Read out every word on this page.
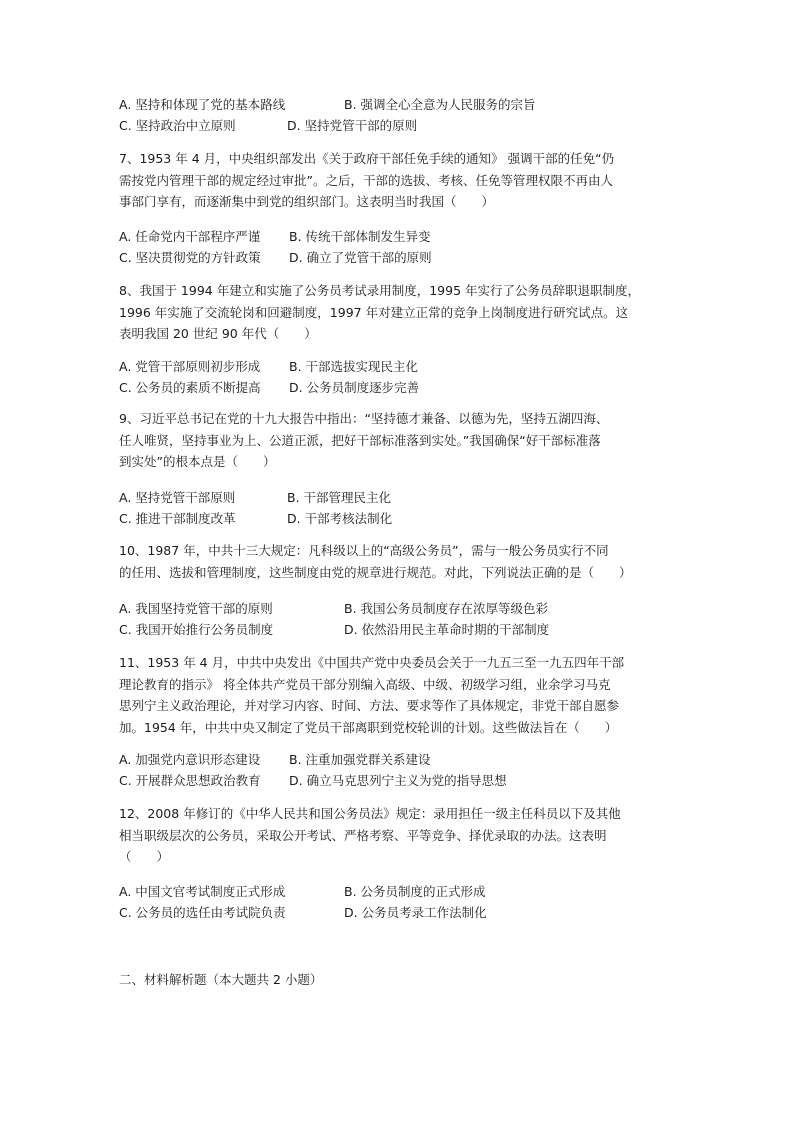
A. 坚持和体现了党的基本路线	B. 强调全心全意为人民服务的宗旨
C. 坚持政治中立原则	D. 坚持党管干部的原则
7、1953 年 4 月，中央组织部发出《关于政府干部任免手续的通知》 强调干部的任免“仍
需按党内管理干部的规定经过审批”。之后，干部的选拔、考核、任免等管理权限不再由人
事部门享有，而逐渐集中到党的组织部门。这表明当时我国（　　）
A. 任命党内干部程序严谨 B. 传统干部体制发生异变
C. 坚决贯彻党的方针政策 D. 确立了党管干部的原则
8、我国于 1994 年建立和实施了公务员考试录用制度，1995 年实行了公务员辞职退职制度，
1996 年实施了交流轮岗和回避制度，1997 年对建立正常的竞争上岗制度进行研究试点。这
表明我国 20 世纪 90 年代（　　）
A. 党管干部原则初步形成 B. 干部选拔实现民主化
C. 公务员的素质不断提高 D. 公务员制度逐步完善
9、习近平总书记在党的十九大报告中指出：“坚持德才兼备、以德为先，坚持五湖四海、
任人唯贤，坚持事业为上、公道正派，把好干部标准落到实处。”我国确保“好干部标准落
到实处”的根本点是（　　）
A. 坚持党管干部原则	B. 干部管理民主化
C. 推进干部制度改革	D. 干部考核法制化
10、1987 年，中共十三大规定：凡科级以上的“高级公务员”，需与一般公务员实行不同
的任用、选拔和管理制度，这些制度由党的规章进行规范。对此，下列说法正确的是（　　）
A. 我国坚持党管干部的原则	B. 我国公务员制度存在浓厚等级色彩
C. 我国开始推行公务员制度	D. 依然沿用民主革命时期的干部制度
11、1953 年 4 月，中共中央发出《中国共产党中央委员会关于一九五三至一九五四年干部
理论教育的指示》 将全体共产党员干部分别编入高级、中级、初级学习组，业余学习马克
思列宁主义政治理论，并对学习内容、时间、方法、要求等作了具体规定，非党干部自愿参
加。1954 年，中共中央又制定了党员干部离职到党校轮训的计划。这些做法旨在（　　）
A. 加强党内意识形态建设 B. 注重加强党群关系建设
C. 开展群众思想政治教育 D. 确立马克思列宁主义为党的指导思想
12、2008 年修订的《中华人民共和国公务员法》规定：录用担任一级主任科员以下及其他
相当职级层次的公务员，采取公开考试、严格考察、平等竞争、择优录取的办法。这表明
（　　）
A. 中国文官考试制度正式形成	B. 公务员制度的正式形成
C. 公务员的选任由考试院负责	D. 公务员考录工作法制化
二、材料解析题（本大题共 2 小题）
